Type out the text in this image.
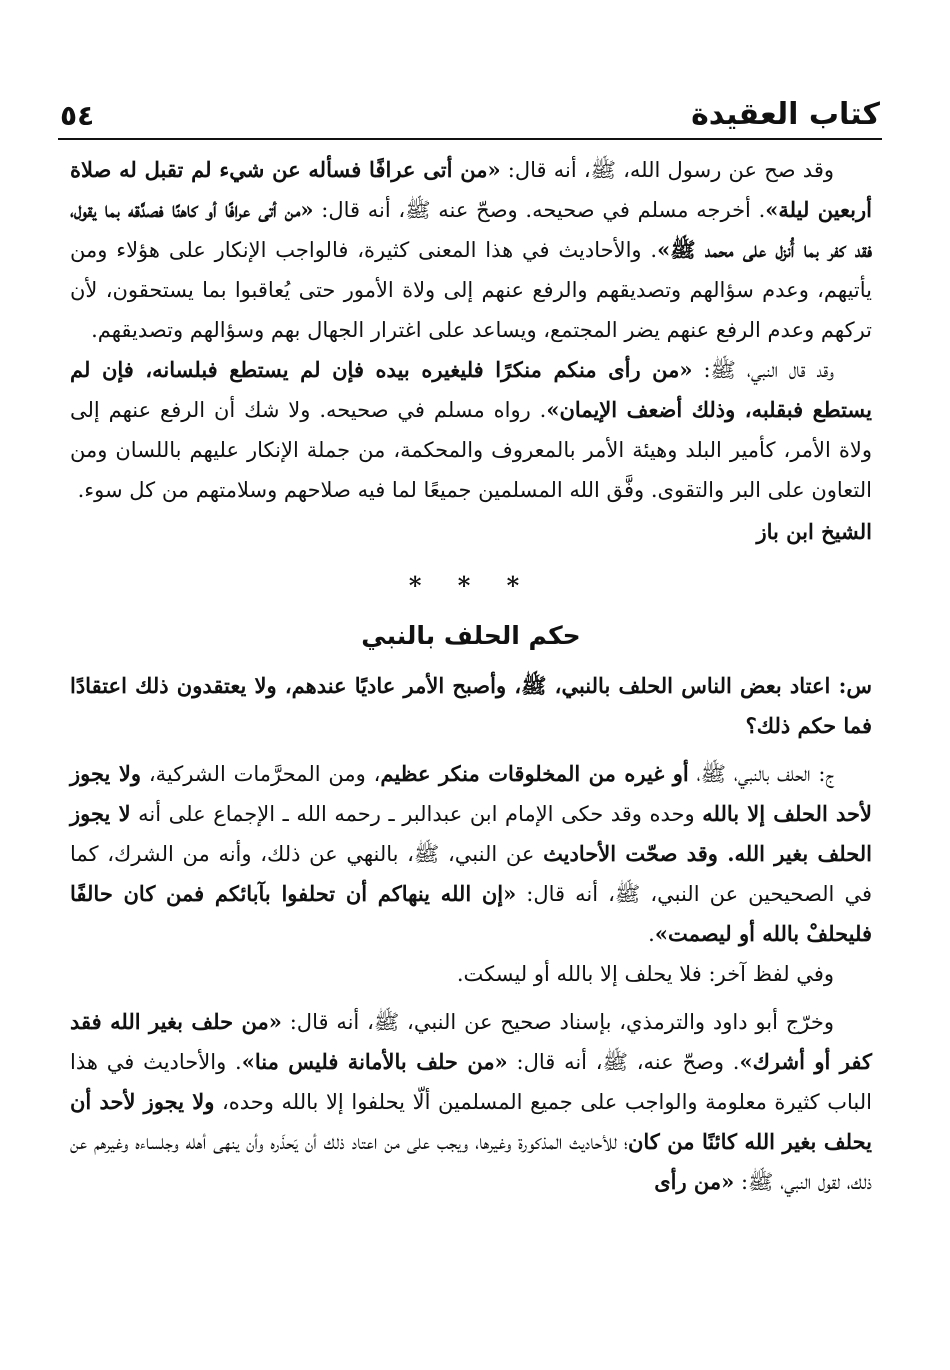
كتاب العقيدة
٥٤

وقد صح عن رسول الله، ﷺ، أنه قال: «من أتى عرافًا فسأله عن شيء لم تقبل له صلاة أربعين ليلة». أخرجه مسلم في صحيحه. وصحّ عنه ﷺ، أنه قال: «من أتى عرافًا أو كاهنًا فصدَّقه بما يقول، فقد كفر بما أُنزل على محمد ﷺ». والأحاديث في هذا المعنى كثيرة، فالواجب الإنكار على هؤلاء ومن يأتيهم، وعدم سؤالهم وتصديقهم والرفع عنهم إلى ولاة الأمور حتى يُعاقبوا بما يستحقون، لأن تركهم وعدم الرفع عنهم يضر المجتمع، ويساعد على اغترار الجهال بهم وسؤالهم وتصديقهم.

وقد قال النبي، ﷺ: «من رأى منكم منكرًا فليغيره بيده فإن لم يستطع فبلسانه، فإن لم يستطع فبقلبه، وذلك أضعف الإيمان». رواه مسلم في صحيحه. ولا شك أن الرفع عنهم إلى ولاة الأمر، كأمير البلد وهيئة الأمر بالمعروف والمحكمة، من جملة الإنكار عليهم باللسان ومن التعاون على البر والتقوى. وفَّق الله المسلمين جميعًا لما فيه صلاحهم وسلامتهم من كل سوء.

الشيخ ابن باز

* * *
حكم الحلف بالنبي

س: اعتاد بعض الناس الحلف بالنبي، ﷺ، وأصبح الأمر عاديًا عندهم، ولا يعتقدون ذلك اعتقادًا فما حكم ذلك؟

ج: الحلف بالنبي، ﷺ، أو غيره من المخلوقات منكر عظيم، ومن المحرَّمات الشركية، ولا يجوز لأحد الحلف إلا بالله وحده وقد حكى الإمام ابن عبدالبر ـ رحمه الله ـ الإجماع على أنه لا يجوز الحلف بغير الله. وقد صحّت الأحاديث عن النبي، ﷺ، بالنهي عن ذلك، وأنه من الشرك، كما في الصحيحين عن النبي، ﷺ، أنه قال: «إن الله ينهاكم أن تحلفوا بآبائكم فمن كان حالفًا فليحلفْ بالله أو ليصمت».

وفي لفظ آخر: فلا يحلف إلا بالله أو ليسكت.

وخرّج أبو داود والترمذي، بإسناد صحيح عن النبي، ﷺ، أنه قال: «من حلف بغير الله فقد كفر أو أشرك». وصحّ عنه، ﷺ، أنه قال: «من حلف بالأمانة فليس منا». والأحاديث في هذا الباب كثيرة معلومة والواجب على جميع المسلمين ألّا يحلفوا إلا بالله وحده، ولا يجوز لأحد أن يحلف بغير الله كائنًا من كان؛ للأحاديث المذكورة وغيرها، ويجب على من اعتاد ذلك أن يَحذَره وأن ينهى أهله وجلساءه وغيرهم عن ذلك، لقول النبي، ﷺ: «من رأى
